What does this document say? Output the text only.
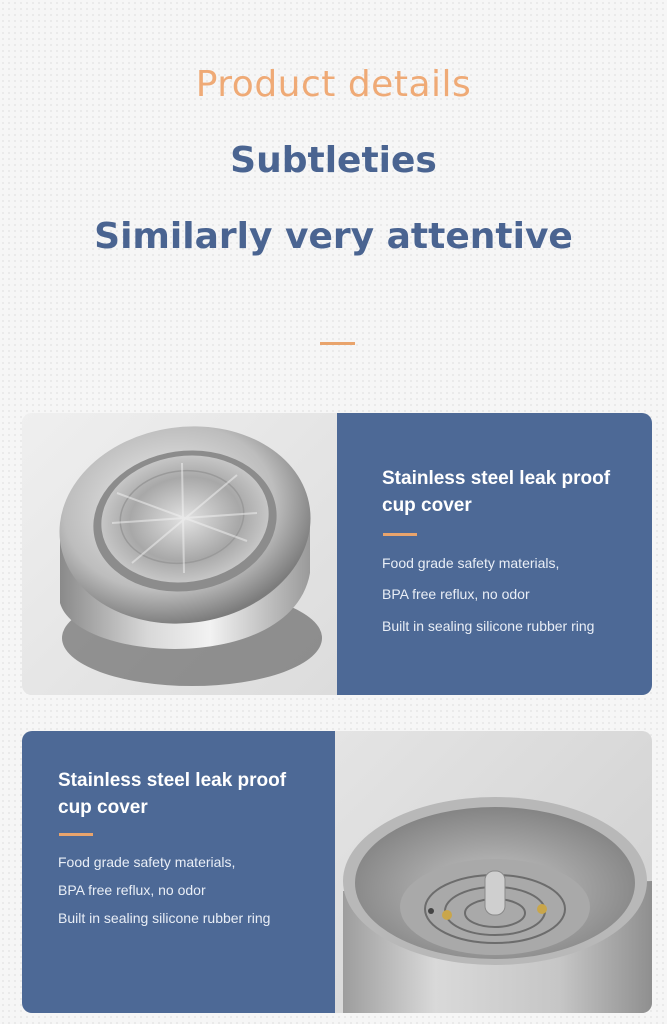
Product details
Subtleties
Similarly very attentive
Stainless steel leak proof cup cover
Food grade safety materials,
BPA free reflux, no odor
Built in sealing silicone rubber ring
Stainless steel leak proof cup cover
Food grade safety materials,
BPA free reflux, no odor
Built in sealing silicone rubber ring
